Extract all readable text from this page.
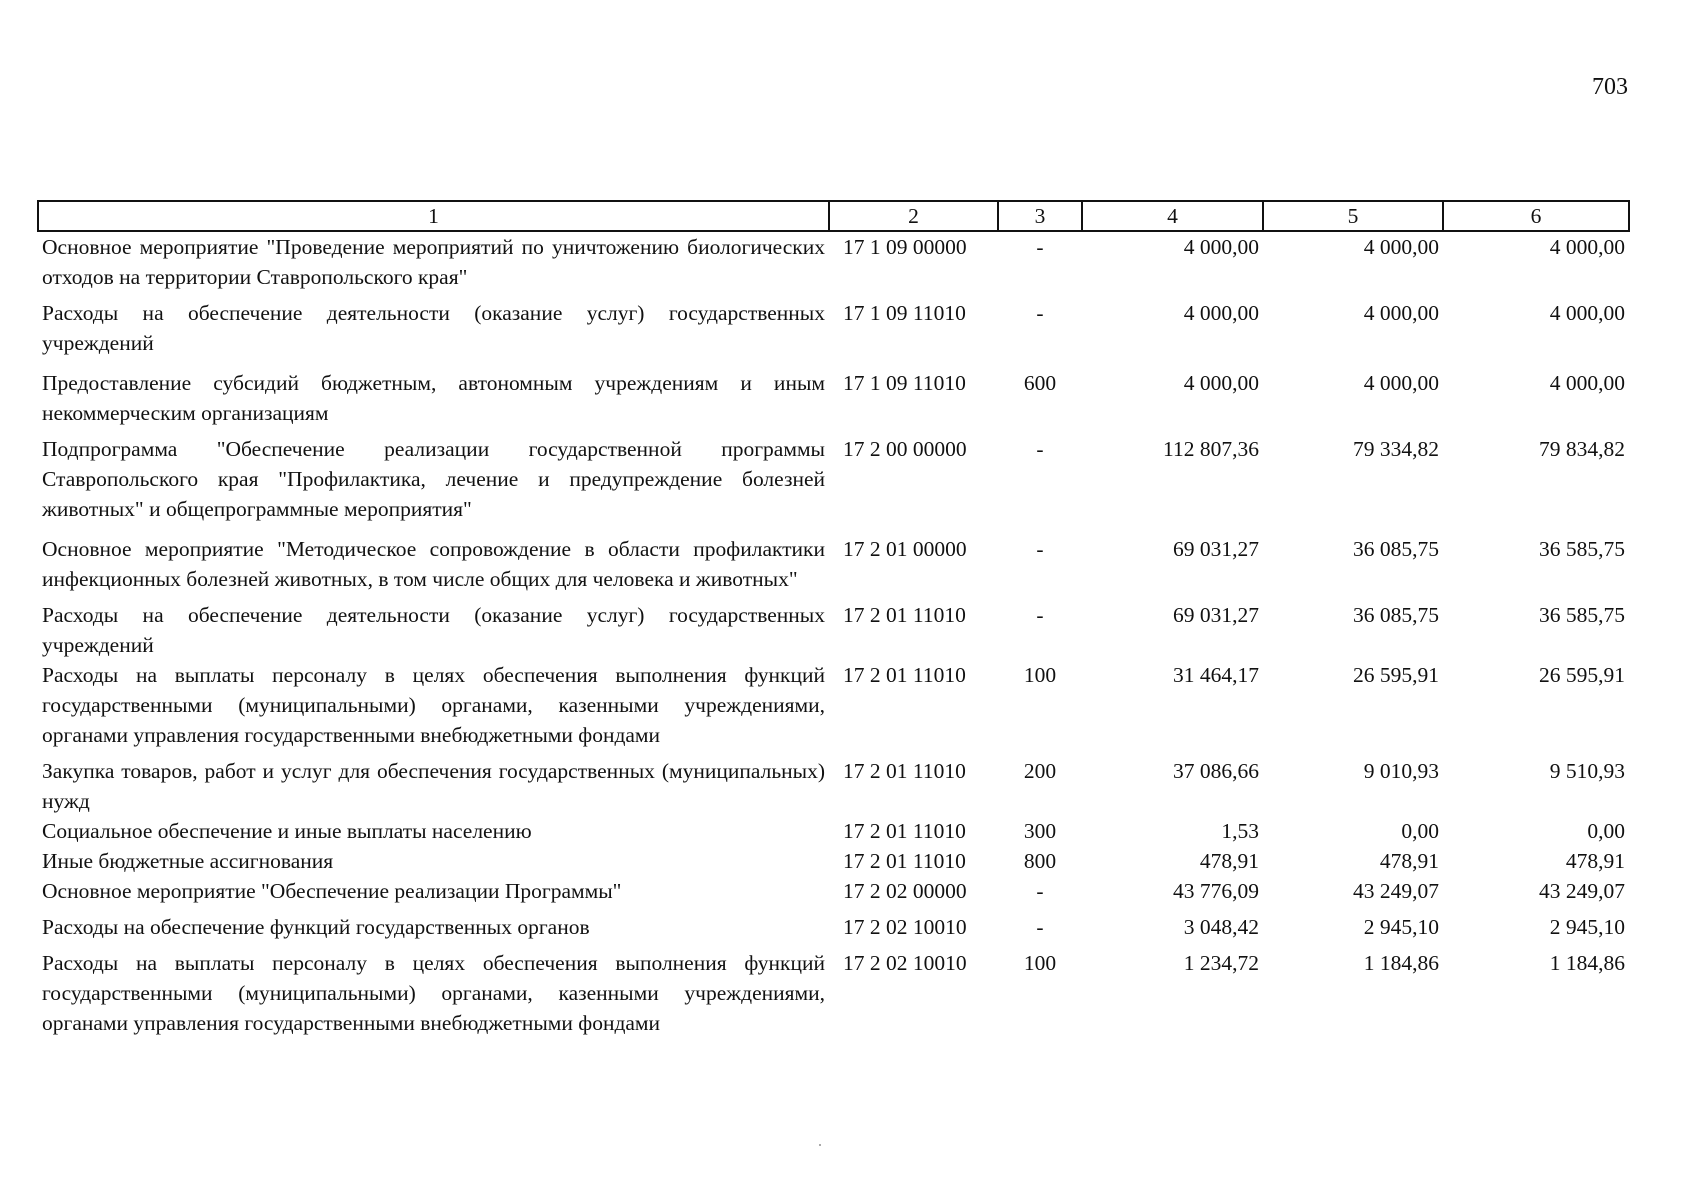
703
1	2	3	4	5	6
Основное мероприятие "Проведение мероприятий по уничтожению биологических отходов на территории Ставропольского края"	17 1 09 00000	-	4 000,00	4 000,00	4 000,00
Расходы на обеспечение деятельности (оказание услуг) государственных учреждений	17 1 09 11010	-	4 000,00	4 000,00	4 000,00
Предоставление субсидий бюджетным, автономным учреждениям и иным некоммерческим организациям	17 1 09 11010	600	4 000,00	4 000,00	4 000,00
Подпрограмма "Обеспечение реализации государственной программы Ставропольского края "Профилактика, лечение и предупреждение болезней животных" и общепрограммные мероприятия"	17 2 00 00000	-	112 807,36	79 334,82	79 834,82
Основное мероприятие "Методическое сопровождение в области профилактики инфекционных болезней животных, в том числе общих для человека и животных"	17 2 01 00000	-	69 031,27	36 085,75	36 585,75
Расходы на обеспечение деятельности (оказание услуг) государственных учреждений	17 2 01 11010	-	69 031,27	36 085,75	36 585,75
Расходы на выплаты персоналу в целях обеспечения выполнения функций государственными (муниципальными) органами, казенными учреждениями, органами управления государственными внебюджетными фондами	17 2 01 11010	100	31 464,17	26 595,91	26 595,91
Закупка товаров, работ и услуг для обеспечения государственных (муниципальных) нужд	17 2 01 11010	200	37 086,66	9 010,93	9 510,93
Социальное обеспечение и иные выплаты населению	17 2 01 11010	300	1,53	0,00	0,00
Иные бюджетные ассигнования	17 2 01 11010	800	478,91	478,91	478,91
Основное мероприятие "Обеспечение реализации Программы"	17 2 02 00000	-	43 776,09	43 249,07	43 249,07
Расходы на обеспечение функций государственных органов	17 2 02 10010	-	3 048,42	2 945,10	2 945,10
Расходы на выплаты персоналу в целях обеспечения выполнения функций государственными (муниципальными) органами, казенными учреждениями, органами управления государственными внебюджетными фондами	17 2 02 10010	100	1 234,72	1 184,86	1 184,86
